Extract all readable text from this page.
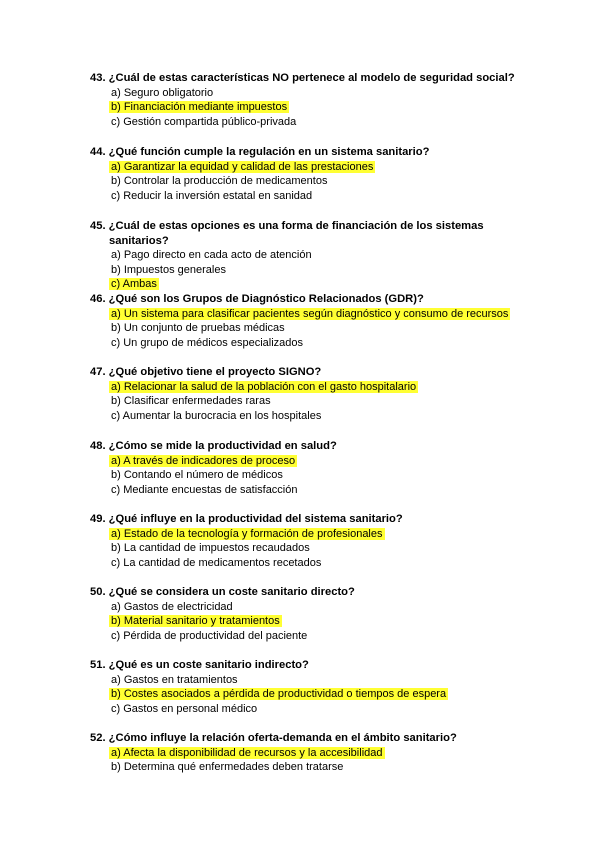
43. ¿Cuál de estas características NO pertenece al modelo de seguridad social?
a) Seguro obligatorio
b) Financiación mediante impuestos
c) Gestión compartida público-privada
44. ¿Qué función cumple la regulación en un sistema sanitario?
a) Garantizar la equidad y calidad de las prestaciones
b) Controlar la producción de medicamentos
c) Reducir la inversión estatal en sanidad
45. ¿Cuál de estas opciones es una forma de financiación de los sistemas
sanitarios?
a) Pago directo en cada acto de atención
b) Impuestos generales
c) Ambas
46. ¿Qué son los Grupos de Diagnóstico Relacionados (GDR)?
a) Un sistema para clasificar pacientes según diagnóstico y consumo de recursos
b) Un conjunto de pruebas médicas
c) Un grupo de médicos especializados
47. ¿Qué objetivo tiene el proyecto SIGNO?
a) Relacionar la salud de la población con el gasto hospitalario
b) Clasificar enfermedades raras
c) Aumentar la burocracia en los hospitales
48. ¿Cómo se mide la productividad en salud?
a) A través de indicadores de proceso
b) Contando el número de médicos
c) Mediante encuestas de satisfacción
49. ¿Qué influye en la productividad del sistema sanitario?
a) Estado de la tecnología y formación de profesionales
b) La cantidad de impuestos recaudados
c) La cantidad de medicamentos recetados
50. ¿Qué se considera un coste sanitario directo?
a) Gastos de electricidad
b) Material sanitario y tratamientos
c) Pérdida de productividad del paciente
51. ¿Qué es un coste sanitario indirecto?
a) Gastos en tratamientos
b) Costes asociados a pérdida de productividad o tiempos de espera
c) Gastos en personal médico
52. ¿Cómo influye la relación oferta-demanda en el ámbito sanitario?
a) Afecta la disponibilidad de recursos y la accesibilidad
b) Determina qué enfermedades deben tratarse
